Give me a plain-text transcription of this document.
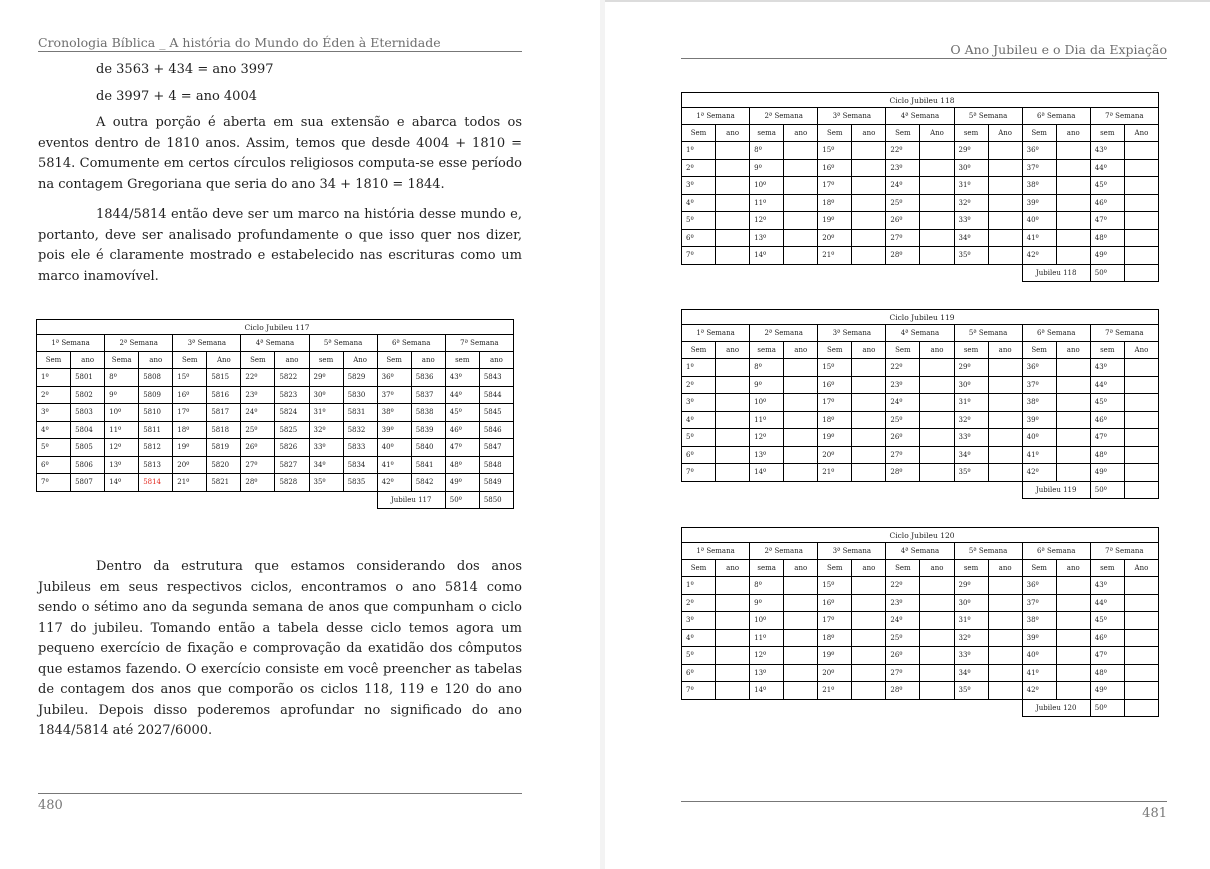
Cronologia Bíblica _ A história do Mundo do Éden à Eternidade

de 3563 + 434 = ano 3997

de 3997 + 4 = ano 4004

A outra porção é aberta em sua extensão e abarca todos os eventos dentro de 1810 anos. Assim, temos que desde 4004 + 1810 = 5814. Comumente em certos círculos religiosos computa-se esse período na contagem Gregoriana que seria do ano 34 + 1810 = 1844.

1844/5814 então deve ser um marco na história desse mundo e, portanto, deve ser analisado profundamente o que isso quer nos dizer, pois ele é claramente mostrado e estabelecido nas escrituras como um marco inamovível.

Ciclo Jubileu 117													
1ª Semana		2ª Semana		3ª Semana		4ª Semana		5ª Semana		6ª Semana		7ª Semana	
Sem	ano	Sema	ano	Sem	Ano	Sem	ano	sem	Ano	Sem	ano	sem	ano
1º	5801	8º	5808	15º	5815	22º	5822	29º	5829	36º	5836	43º	5843
2º	5802	9º	5809	16º	5816	23º	5823	30º	5830	37º	5837	44º	5844
3º	5803	10º	5810	17º	5817	24º	5824	31º	5831	38º	5838	45º	5845
4º	5804	11º	5811	18º	5818	25º	5825	32º	5832	39º	5839	46º	5846
5º	5805	12º	5812	19º	5819	26º	5826	33º	5833	40º	5840	47º	5847
6º	5806	13º	5813	20º	5820	27º	5827	34º	5834	41º	5841	48º	5848
7º	5807	14º	5814	21º	5821	28º	5828	35º	5835	42º	5842	49º	5849
										Jubileu 117		50º	5850

Dentro da estrutura que estamos considerando dos anos Jubileus em seus respectivos ciclos, encontramos o ano 5814 como sendo o sétimo ano da segunda semana de anos que compunham o ciclo 117 do jubileu. Tomando então a tabela desse ciclo temos agora um pequeno exercício de fixação e comprovação da exatidão dos cômputos que estamos fazendo. O exercício consiste em você preencher as tabelas de contagem dos anos que comporão os ciclos 118, 119 e 120 do ano Jubileu. Depois disso poderemos aprofundar no significado do ano 1844/5814 até 2027/6000.

480
O Ano Jubileu e o Dia da Expiação
Ciclo Jubileu 118													
1ª Semana		2ª Semana		3ª Semana		4ª Semana		5ª Semana		6ª Semana		7ª Semana	
Sem	ano	sema	ano	Sem	ano	Sem	Ano	sem	Ano	Sem	ano	sem	Ano
1º		8º		15º		22º		29º		36º		43º	
2º		9º		16º		23º		30º		37º		44º	
3º		10º		17º		24º		31º		38º		45º	
4º		11º		18º		25º		32º		39º		46º	
5º		12º		19º		26º		33º		40º		47º	
6º		13º		20º		27º		34º		41º		48º	
7º		14º		21º		28º		35º		42º		49º	
										Jubileu 118		50º	
Ciclo Jubileu 119													
1ª Semana		2ª Semana		3ª Semana		4ª Semana		5ª Semana		6ª Semana		7ª Semana	
Sem	ano	sema	ano	Sem	ano	Sem	ano	sem	ano	Sem	ano	sem	Ano
1º		8º		15º		22º		29º		36º		43º	
2º		9º		16º		23º		30º		37º		44º	
3º		10º		17º		24º		31º		38º		45º	
4º		11º		18º		25º		32º		39º		46º	
5º		12º		19º		26º		33º		40º		47º	
6º		13º		20º		27º		34º		41º		48º	
7º		14º		21º		28º		35º		42º		49º	
										Jubileu 119		50º	
Ciclo Jubileu 120													
1ª Semana		2ª Semana		3ª Semana		4ª Semana		5ª Semana		6ª Semana		7ª Semana	
Sem	ano	sema	ano	Sem	ano	Sem	ano	sem	ano	Sem	ano	sem	Ano
1º		8º		15º		22º		29º		36º		43º	
2º		9º		16º		23º		30º		37º		44º	
3º		10º		17º		24º		31º		38º		45º	
4º		11º		18º		25º		32º		39º		46º	
5º		12º		19º		26º		33º		40º		47º	
6º		13º		20º		27º		34º		41º		48º	
7º		14º		21º		28º		35º		42º		49º	
										Jubileu 120		50º	
481
